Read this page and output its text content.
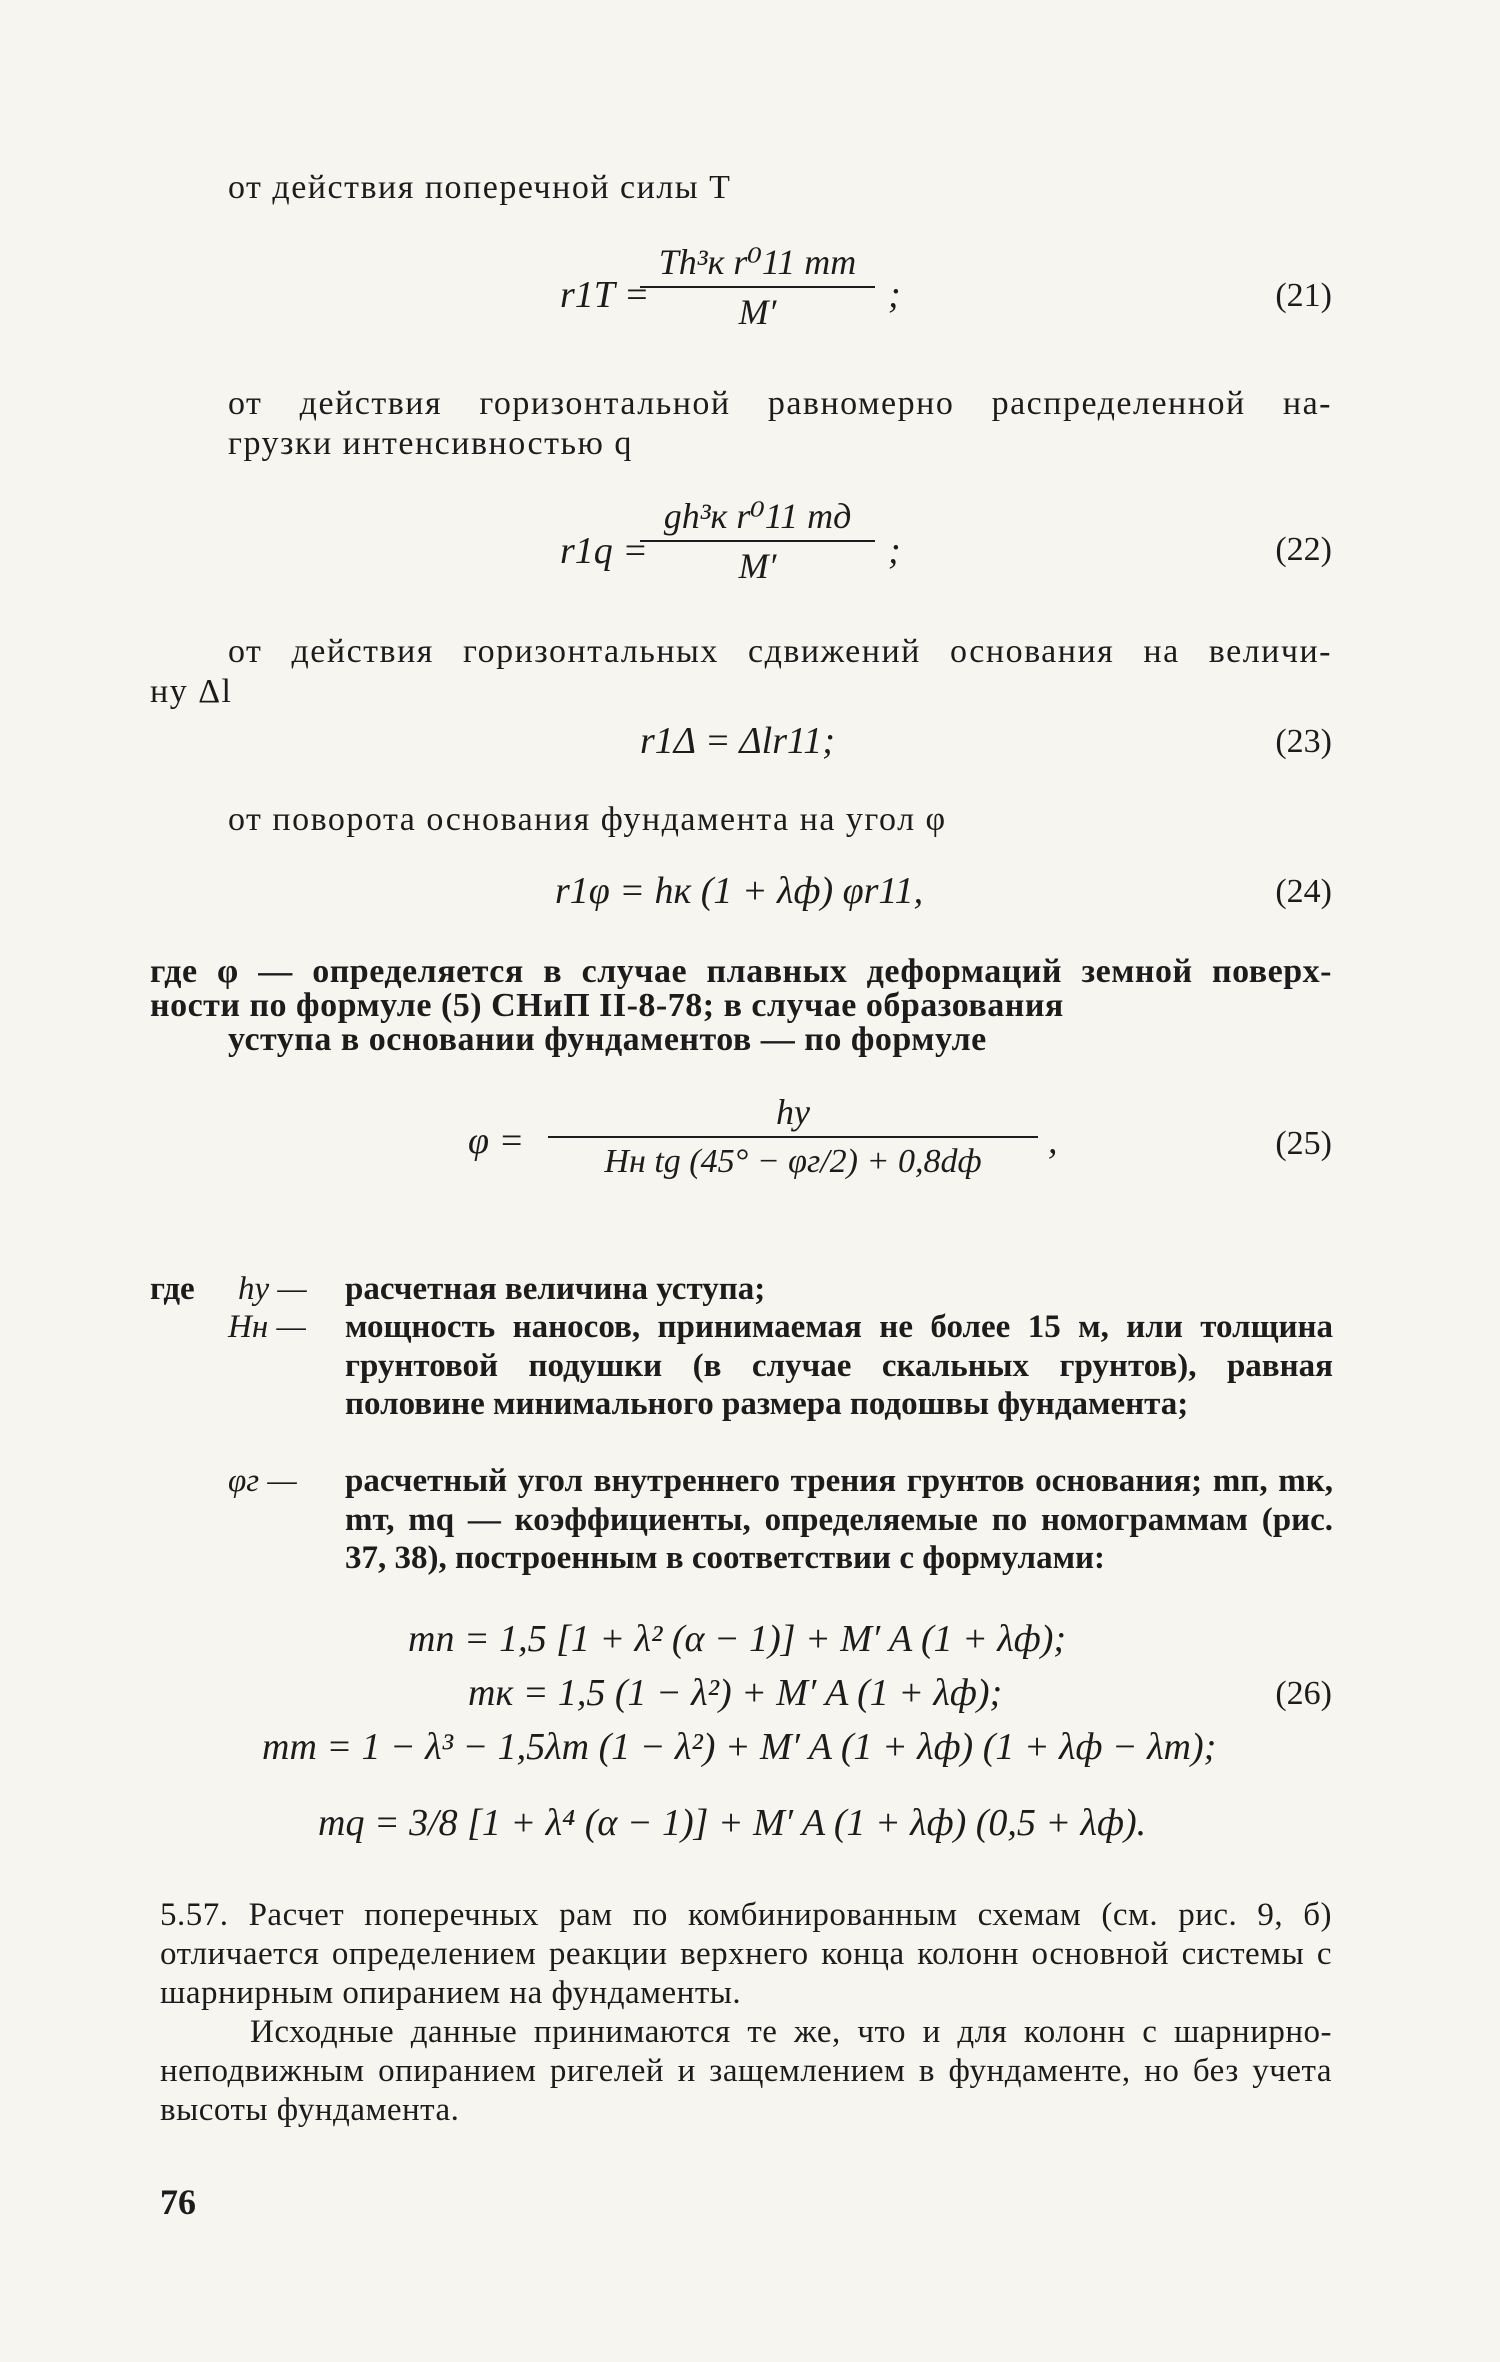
от действия поперечной силы T
r1T =
Th³к r⁰11 mт
M′	;	(21)
от действия горизонтальной равномерно распределенной на-
грузки интенсивностью q
r1q =
gh³к r⁰11 mд
M′	;	(22)
от действия горизонтальных сдвижений основания на величи-
ну Δl
r1Δ = Δlr11;	(23)
от поворота основания фундамента на угол φ
r1φ = hк (1 + λф) φr11,	(24)
где φ — определяется в случае плавных деформаций земной поверх-
ности по формуле (5) СНиП II-8-78; в случае образования
уступа в основании фундаментов — по формуле
φ =
hу
Hн tg (45° − φг/2) + 0,8dф	,	(25)
где hу — расчетная величина уступа;
Hн — мощность наносов, принимаемая не более 15 м, или толщина грунтовой подушки (в случае скальных грунтов), равная половине минимального размера подошвы фундамента;
φг — расчетный угол внутреннего трения грунтов основания; mп, mк, mт, mq — коэффициенты, определяемые по номограммам (рис. 37, 38), построенным в соответствии с формулами:
mп = 1,5 [1 + λ² (α − 1)] + M′ A (1 + λф);
mк = 1,5 (1 − λ²) + M′ A (1 + λф);	(26)
mт = 1 − λ³ − 1,5λт (1 − λ²) + M′ A (1 + λф) (1 + λф − λт);
mq = 3/8 [1 + λ⁴ (α − 1)] + M′ A (1 + λф) (0,5 + λф).
5.57. Расчет поперечных рам по комбинированным схемам (см. рис. 9, б) отличается определением реакции верхнего конца колонн основной системы с шарнирным опиранием на фундаменты.
Исходные данные принимаются те же, что и для колонн с шарнирно-неподвижным опиранием ригелей и защемлением в фундаменте, но без учета высоты фундамента.
76
